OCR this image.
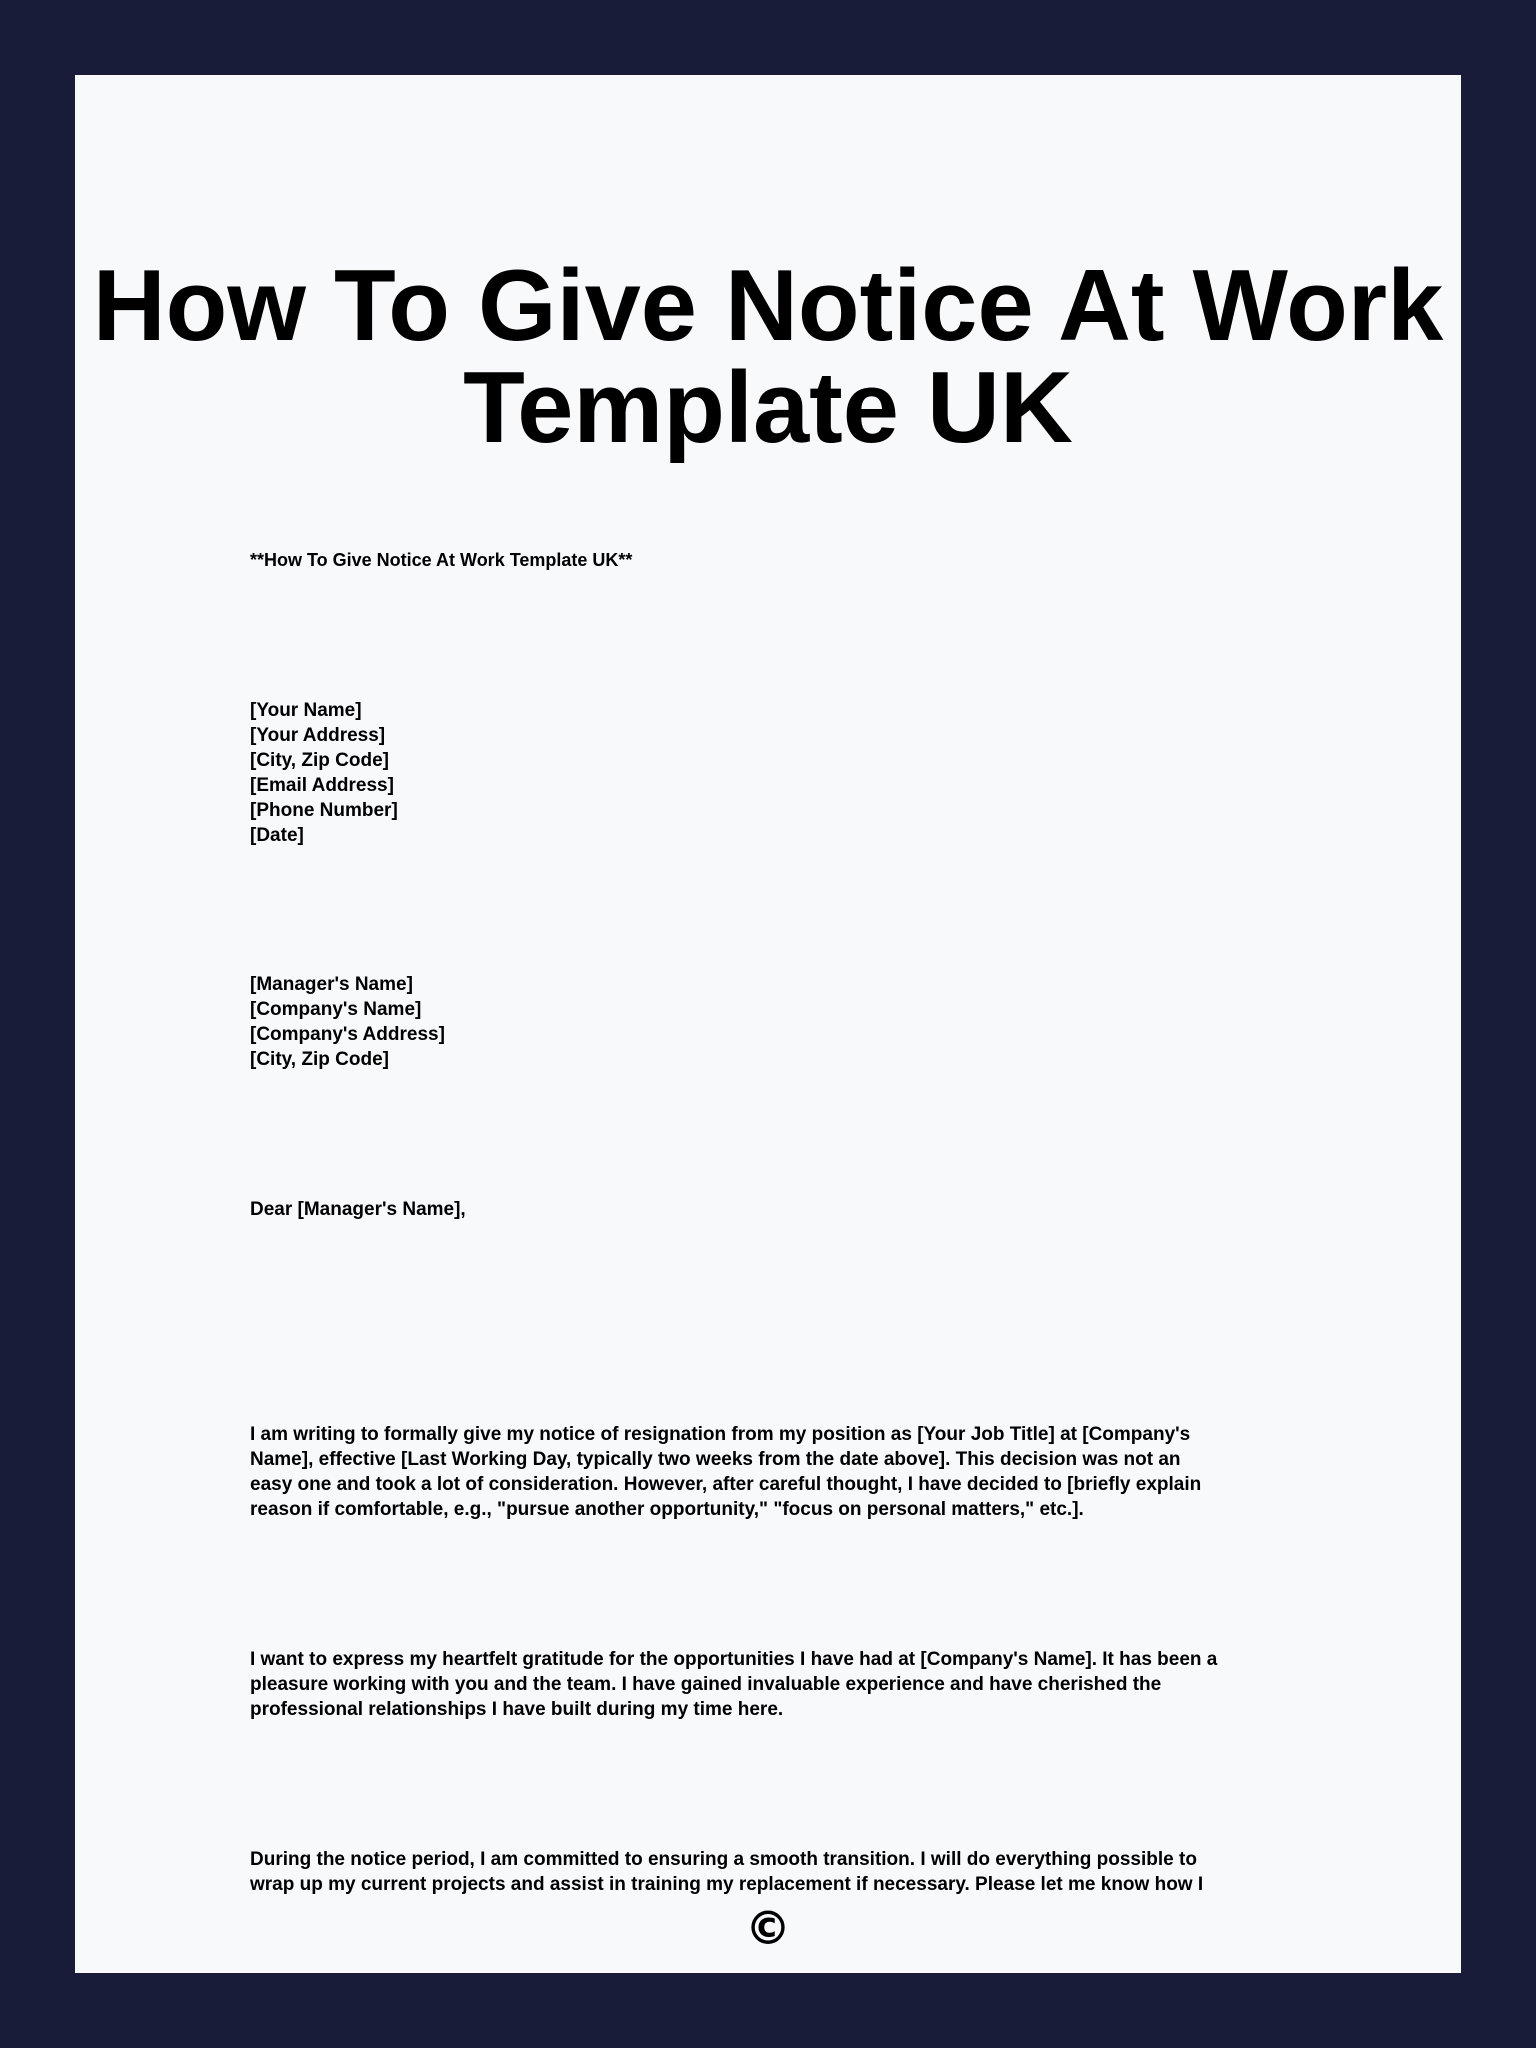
How To Give Notice At Work
Template UK
**How To Give Notice At Work Template UK**
[Your Name]
[Your Address]
[City, Zip Code]
[Email Address]
[Phone Number]
[Date]
[Manager's Name]
[Company's Name]
[Company's Address]
[City, Zip Code]
Dear [Manager's Name],
I am writing to formally give my notice of resignation from my position as [Your Job Title] at [Company's
Name], effective [Last Working Day, typically two weeks from the date above]. This decision was not an
easy one and took a lot of consideration. However, after careful thought, I have decided to [briefly explain
reason if comfortable, e.g., "pursue another opportunity," "focus on personal matters," etc.].
I want to express my heartfelt gratitude for the opportunities I have had at [Company's Name]. It has been a
pleasure working with you and the team. I have gained invaluable experience and have cherished the
professional relationships I have built during my time here.
During the notice period, I am committed to ensuring a smooth transition. I will do everything possible to
wrap up my current projects and assist in training my replacement if necessary. Please let me know how I
©
